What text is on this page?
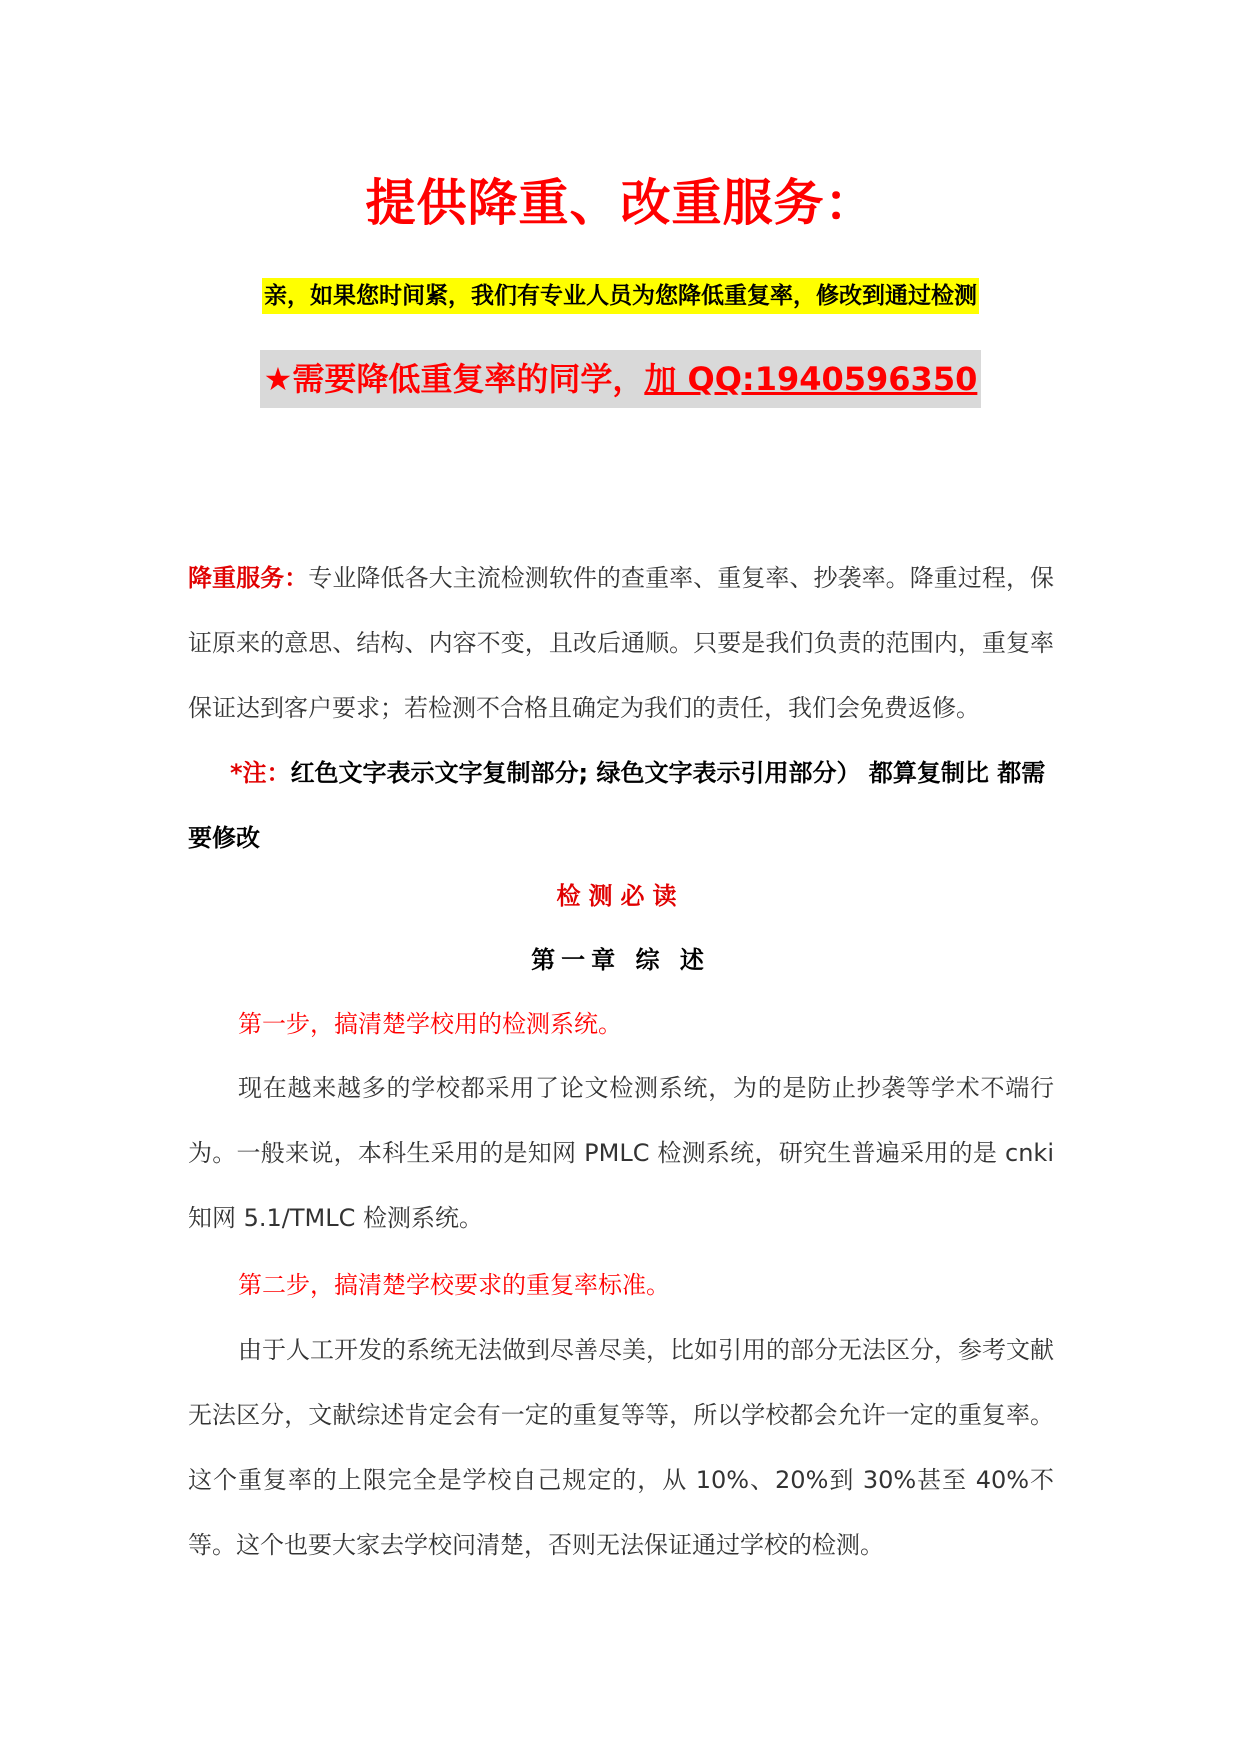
提供降重、改重服务：
亲，如果您时间紧，我们有专业人员为您降低重复率，修改到通过检测
★需要降低重复率的同学，加 QQ:1940596350
降重服务：专业降低各大主流检测软件的查重率、重复率、抄袭率。降重过程，保证原来的意思、结构、内容不变，且改后通顺。只要是我们负责的范围内，重复率保证达到客户要求；若检测不合格且确定为我们的责任，我们会免费返修。
*注：红色文字表示文字复制部分; 绿色文字表示引用部分） 都算复制比 都需要修改
检测必读
第一章 综 述
第一步，搞清楚学校用的检测系统。
现在越来越多的学校都采用了论文检测系统，为的是防止抄袭等学术不端行为。一般来说，本科生采用的是知网 PMLC 检测系统，研究生普遍采用的是 cnki 知网 5.1/TMLC 检测系统。
第二步，搞清楚学校要求的重复率标准。
由于人工开发的系统无法做到尽善尽美，比如引用的部分无法区分，参考文献无法区分，文献综述肯定会有一定的重复等等，所以学校都会允许一定的重复率。这个重复率的上限完全是学校自己规定的，从 10%、20%到 30%甚至 40%不等。这个也要大家去学校问清楚，否则无法保证通过学校的检测。
